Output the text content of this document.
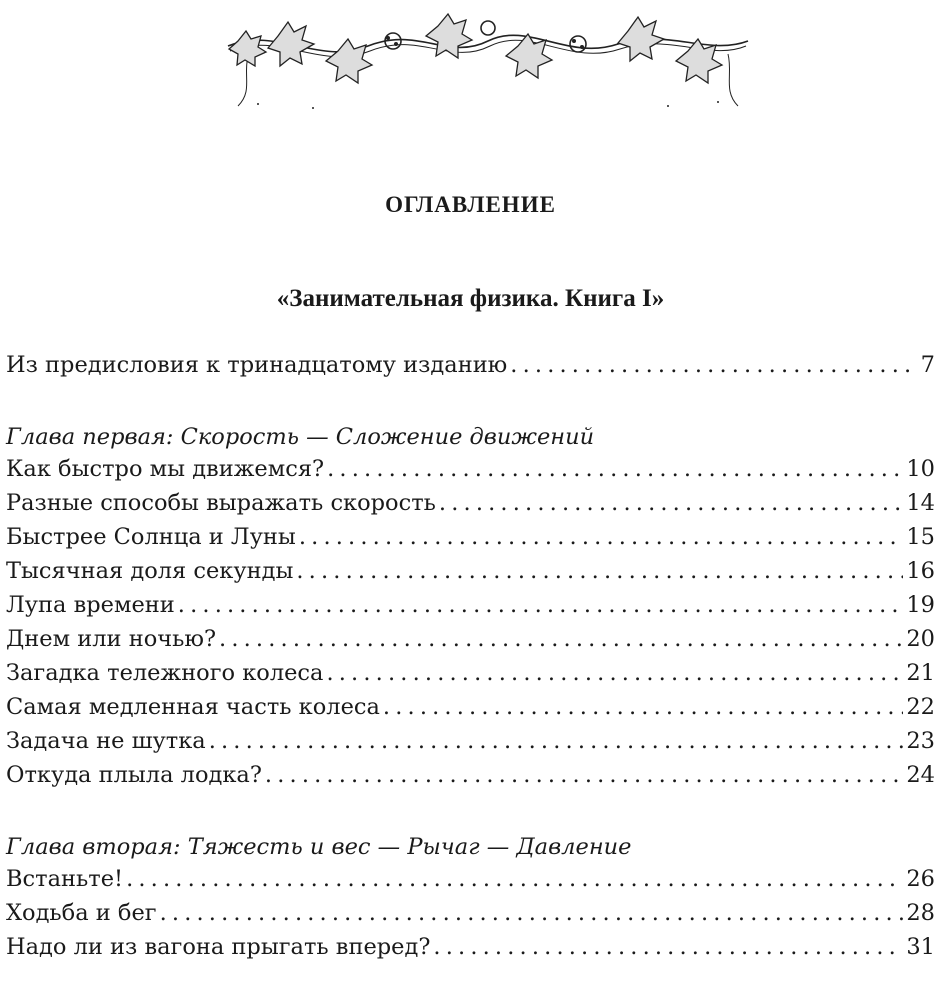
ОГЛАВЛЕНИЕ
«Занимательная физика. Книга I»
Из предисловия к тринадцатому изданию . . .	7
Глава первая: Скорость — Сложение движений
Как быстро мы движемся? . . .	10
Разные способы выражать скорость . . .	14
Быстрее Солнца и Луны . . .	15
Тысячная доля секунды . . .	16
Лупа времени . . .	19
Днем или ночью? . . .	20
Загадка тележного колеса . . .	21
Самая медленная часть колеса . . .	22
Задача не шутка . . .	23
Откуда плыла лодка? . . .	24
Глава вторая: Тяжесть и вес — Рычаг — Давление
Встаньте! . . .	26
Ходьба и бег . . .	28
Надо ли из вагона прыгать вперед? . . .	31
